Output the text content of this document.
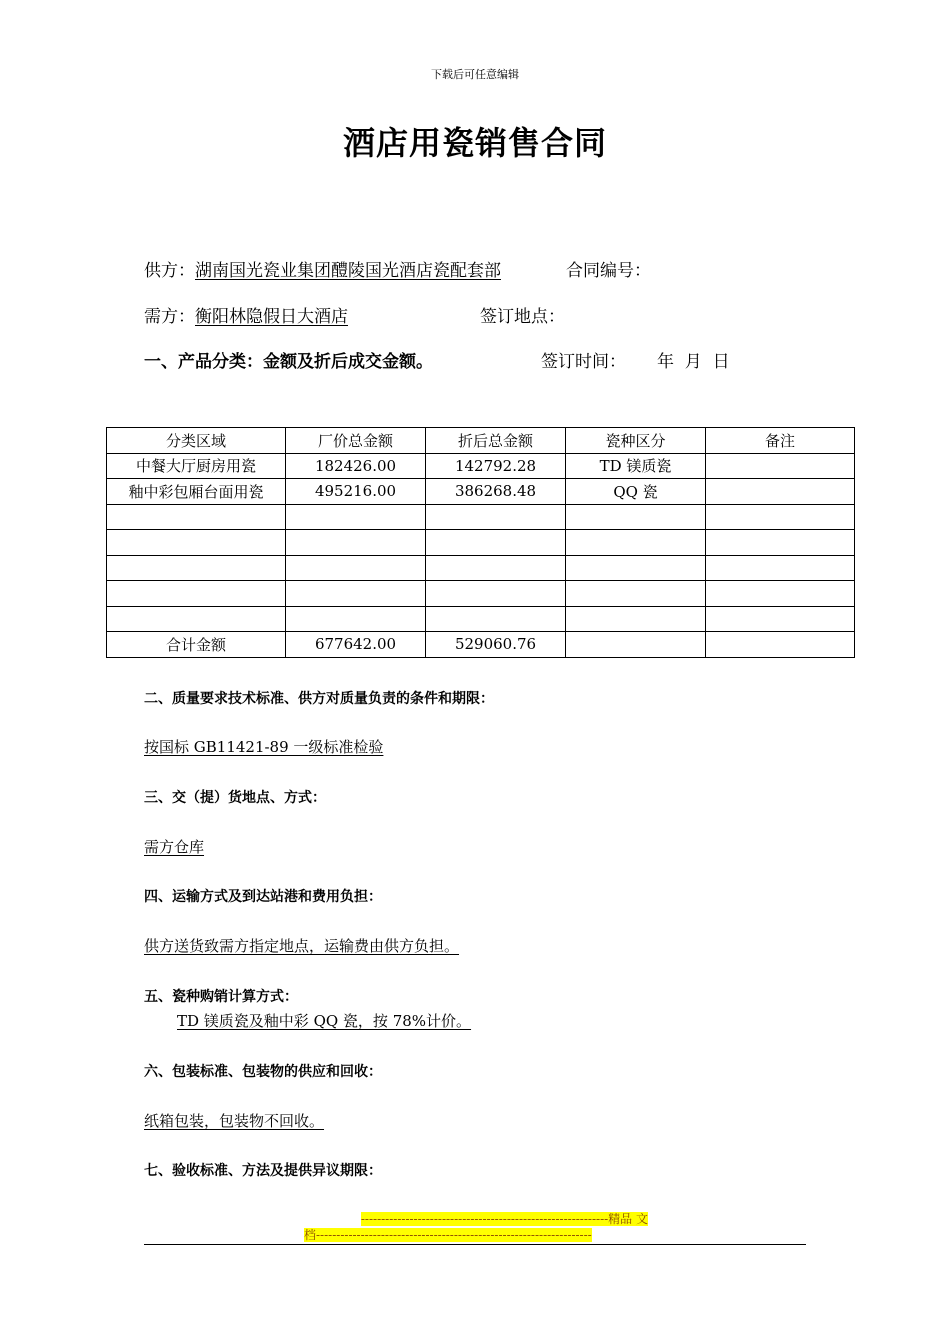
下载后可任意编辑
酒店用瓷销售合同
供方：湖南国光瓷业集团醴陵国光酒店瓷配套部	合同编号：
需方：衡阳林隐假日大酒店	签订地点：
一、产品分类：金额及折后成交金额。	签订时间： 年  月  日
分类区域	厂价总金额	折后总金额	瓷种区分	备注
中餐大厅厨房用瓷	182426.00	142792.28	TD 镁质瓷	
釉中彩包厢台面用瓷	495216.00	386268.48	QQ 瓷	

合计金额	677642.00	529060.76		
二、质量要求技术标准、供方对质量负责的条件和期限：
按国标 GB11421-89 一级标准检验
三、交（提）货地点、方式：
需方仓库
四、运输方式及到达站港和费用负担：
供方送货致需方指定地点，运输费由供方负担。
五、瓷种购销计算方式：
TD 镁质瓷及釉中彩 QQ 瓷，按 78%计价。
六、包装标准、包装物的供应和回收：
纸箱包装，包装物不回收。
七、验收标准、方法及提供异议期限：
-------------------------------------------------------------精品 文
档--------------------------------------------------------------------
